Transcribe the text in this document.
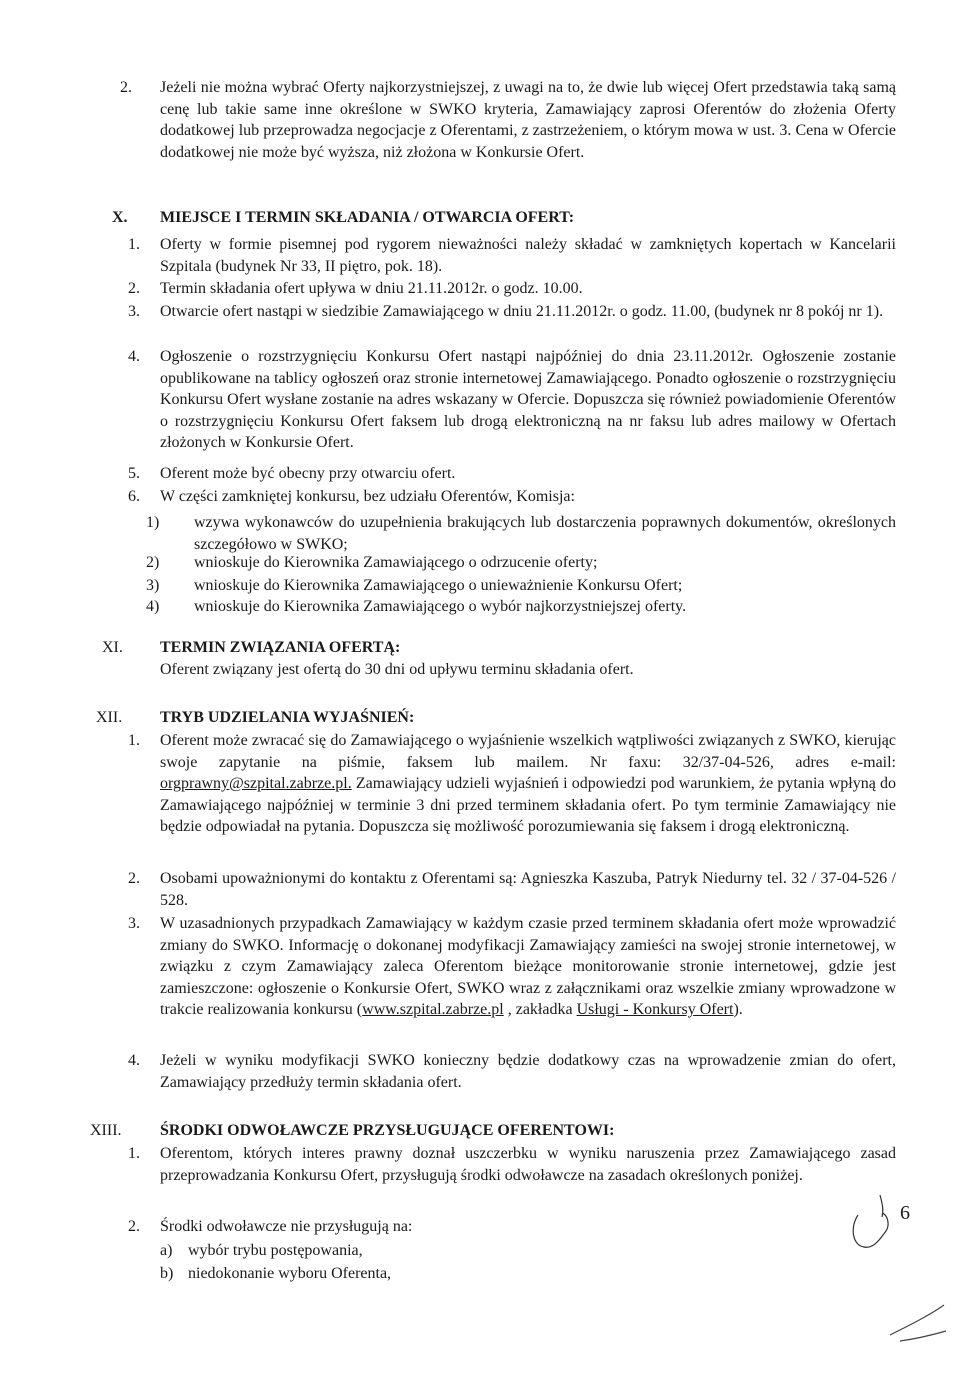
2. Jeżeli nie można wybrać Oferty najkorzystniejszej, z uwagi na to, że dwie lub więcej Ofert przedstawia taką samą cenę lub takie same inne określone w SWKO kryteria, Zamawiający zaprosi Oferentów do złożenia Oferty dodatkowej lub przeprowadza negocjacje z Oferentami, z zastrzeżeniem, o którym mowa w ust. 3. Cena w Ofercie dodatkowej nie może być wyższa, niż złożona w Konkursie Ofert.

X. MIEJSCE I TERMIN SKŁADANIA / OTWARCIA OFERT:
1. Oferty w formie pisemnej pod rygorem nieważności należy składać w zamkniętych kopertach w Kancelarii Szpitala (budynek Nr 33, II piętro, pok. 18).

2. Termin składania ofert upływa w dniu 21.11.2012r. o godz. 10.00.

3. Otwarcie ofert nastąpi w siedzibie Zamawiającego w dniu 21.11.2012r. o godz. 11.00, (budynek nr 8 pokój nr 1).

4. Ogłoszenie o rozstrzygnięciu Konkursu Ofert nastąpi najpóźniej do dnia 23.11.2012r. Ogłoszenie zostanie opublikowane na tablicy ogłoszeń oraz stronie internetowej Zamawiającego. Ponadto ogłoszenie o rozstrzygnięciu Konkursu Ofert wysłane zostanie na adres wskazany w Ofercie. Dopuszcza się również powiadomienie Oferentów o rozstrzygnięciu Konkursu Ofert faksem lub drogą elektroniczną na nr faksu lub adres mailowy w Ofertach złożonych w Konkursie Ofert.

5. Oferent może być obecny przy otwarciu ofert.

6. W części zamkniętej konkursu, bez udziału Oferentów, Komisja:

1) wzywa wykonawców do uzupełnienia brakujących lub dostarczenia poprawnych dokumentów, określonych szczegółowo w SWKO;

2) wnioskuje do Kierownika Zamawiającego o odrzucenie oferty;

3) wnioskuje do Kierownika Zamawiającego o unieważnienie Konkursu Ofert;

4) wnioskuje do Kierownika Zamawiającego o wybór najkorzystniejszej oferty.

XI. TERMIN ZWIĄZANIA OFERTĄ:

Oferent związany jest ofertą do 30 dni od upływu terminu składania ofert.

XII. TRYB UDZIELANIA WYJAŚNIEŃ:
1. Oferent może zwracać się do Zamawiającego o wyjaśnienie wszelkich wątpliwości związanych z SWKO, kierując swoje zapytanie na piśmie, faksem lub mailem. Nr faxu: 32/37-04-526, adres e-mail: orgprawny@szpital.zabrze.pl. Zamawiający udzieli wyjaśnień i odpowiedzi pod warunkiem, że pytania wpłyną do Zamawiającego najpóźniej w terminie 3 dni przed terminem składania ofert. Po tym terminie Zamawiający nie będzie odpowiadał na pytania. Dopuszcza się możliwość porozumiewania się faksem i drogą elektroniczną.

2. Osobami upoważnionymi do kontaktu z Oferentami są: Agnieszka Kaszuba, Patryk Niedurny tel. 32 / 37-04-526 / 528.

3. W uzasadnionych przypadkach Zamawiający w każdym czasie przed terminem składania ofert może wprowadzić zmiany do SWKO. Informację o dokonanej modyfikacji Zamawiający zamieści na swojej stronie internetowej, w związku z czym Zamawiający zaleca Oferentom bieżące monitorowanie stronie internetowej, gdzie jest zamieszczone: ogłoszenie o Konkursie Ofert, SWKO wraz z załącznikami oraz wszelkie zmiany wprowadzone w trakcie realizowania konkursu (www.szpital.zabrze.pl , zakładka Usługi - Konkursy Ofert).

4. Jeżeli w wyniku modyfikacji SWKO konieczny będzie dodatkowy czas na wprowadzenie zmian do ofert, Zamawiający przedłuży termin składania ofert.

XIII. ŚRODKI ODWOŁAWCZE PRZYSŁUGUJĄCE OFERENTOWI:
1. Oferentom, których interes prawny doznał uszczerbku w wyniku naruszenia przez Zamawiającego zasad przeprowadzania Konkursu Ofert, przysługują środki odwoławcze na zasadach określonych poniżej.

2. Środki odwoławcze nie przysługują na:

a) wybór trybu postępowania,

b) niedokonanie wyboru Oferenta,

6
